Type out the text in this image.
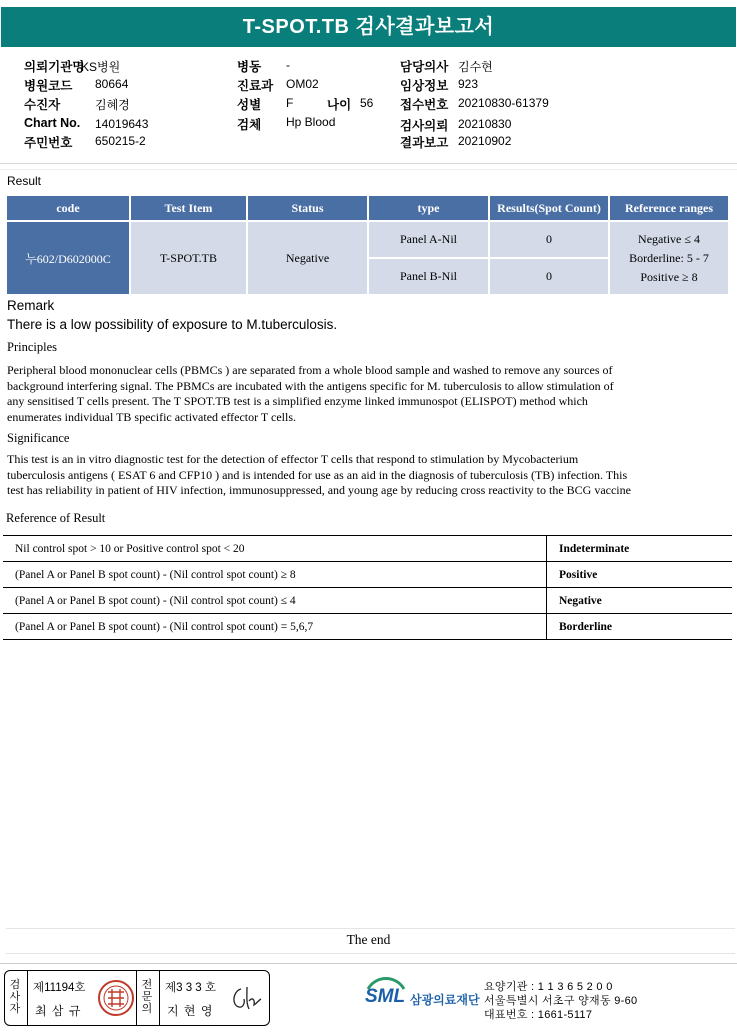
T-SPOT.TB 검사결과보고서
의뢰기관명
KS병원
병원코드 80664
수진자	김혜경
Chart No. 14019643
주민번호 650215-2
병동 -
진료과 OM02
성별 F	나이 56
검체 Hp Blood
담당의사 김수현
임상정보 923
접수번호 20210830-61379
검사의뢰 20210830
결과보고 20210902
Result
code	Test Item	Status	type	Results(Spot Count)	Reference ranges

누602/D602000C	T-SPOT.TB	Negative	Panel A-Nil	0	Negative ≤ 4
Borderline: 5 - 7
Positive ≥ 8

			Panel B-Nil	0	
Remark
There is a low possibility of exposure to M.tuberculosis.
Principles
Peripheral blood mononuclear cells (PBMCs ) are separated from a whole blood sample and washed to remove any sources of
background interfering signal. The PBMCs are incubated with the antigens specific for M. tuberculosis to allow stimulation of
any sensitised T cells present. The T SPOT.TB test is a simplified enzyme linked immunospot (ELISPOT) method which
enumerates individual TB specific activated effector T cells.
Significance
This test is an in vitro diagnostic test for the detection of effector T cells that respond to stimulation by Mycobacterium
tuberculosis antigens ( ESAT 6 and CFP10 ) and is intended for use as an aid in the diagnosis of tuberculosis (TB) infection. This
test has reliability in patient of HIV infection, immunosuppressed, and young age by reducing cross reactivity to the BCG vaccine
Reference of Result
Nil control spot > 10 or Positive control spot < 20	Indeterminate
(Panel A or Panel B spot count) - (Nil control spot count) ≥ 8	Positive
(Panel A or Panel B spot count) - (Nil control spot count) ≤ 4	Negative
(Panel A or Panel B spot count) - (Nil control spot count) = 5,6,7	Borderline
The end
검사자
제11194호
최 삼 규
전문의
제3 3 3 호
지 현 영
SML 삼광의료재단
요양기관 : 1 1 3 6 5 2 0 0
서울특별시 서초구 양재동 9-60
대표번호 : 1661-5117
